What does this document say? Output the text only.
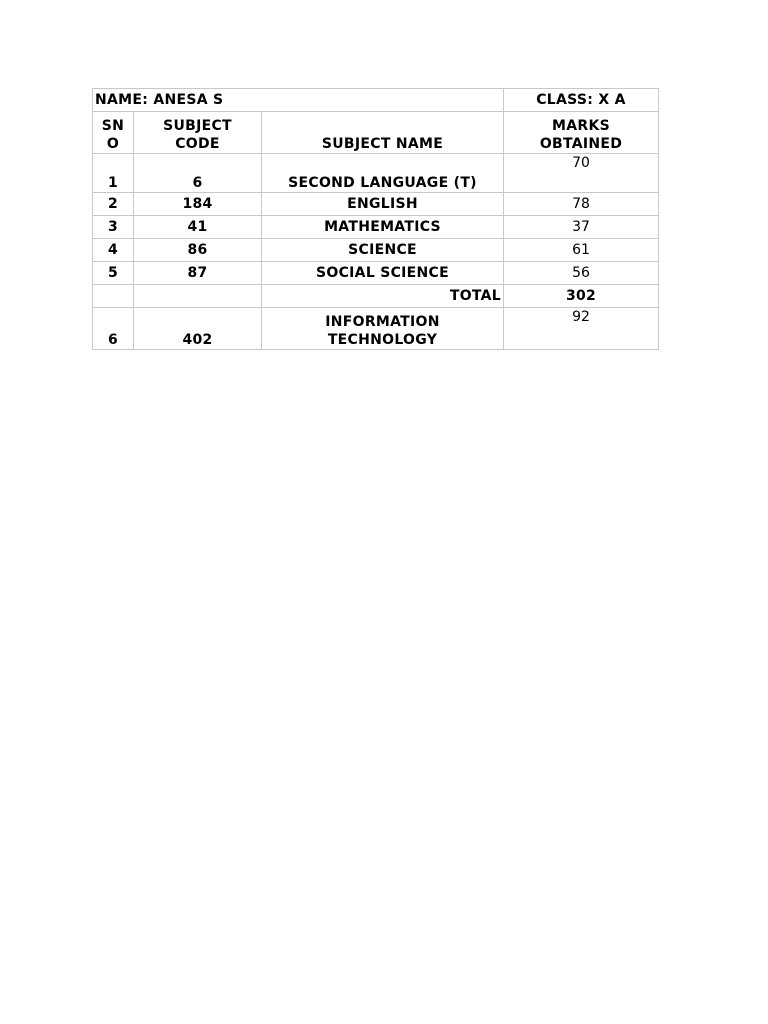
NAME: ANESA S			CLASS: X A
SN O	SUBJECT CODE	SUBJECT NAME	MARKS OBTAINED
1	6	SECOND LANGUAGE (T)	70
2	184	ENGLISH	78
3	41	MATHEMATICS	37
4	86	SCIENCE	61
5	87	SOCIAL SCIENCE	56
		TOTAL	302
6	402	INFORMATION TECHNOLOGY	92
